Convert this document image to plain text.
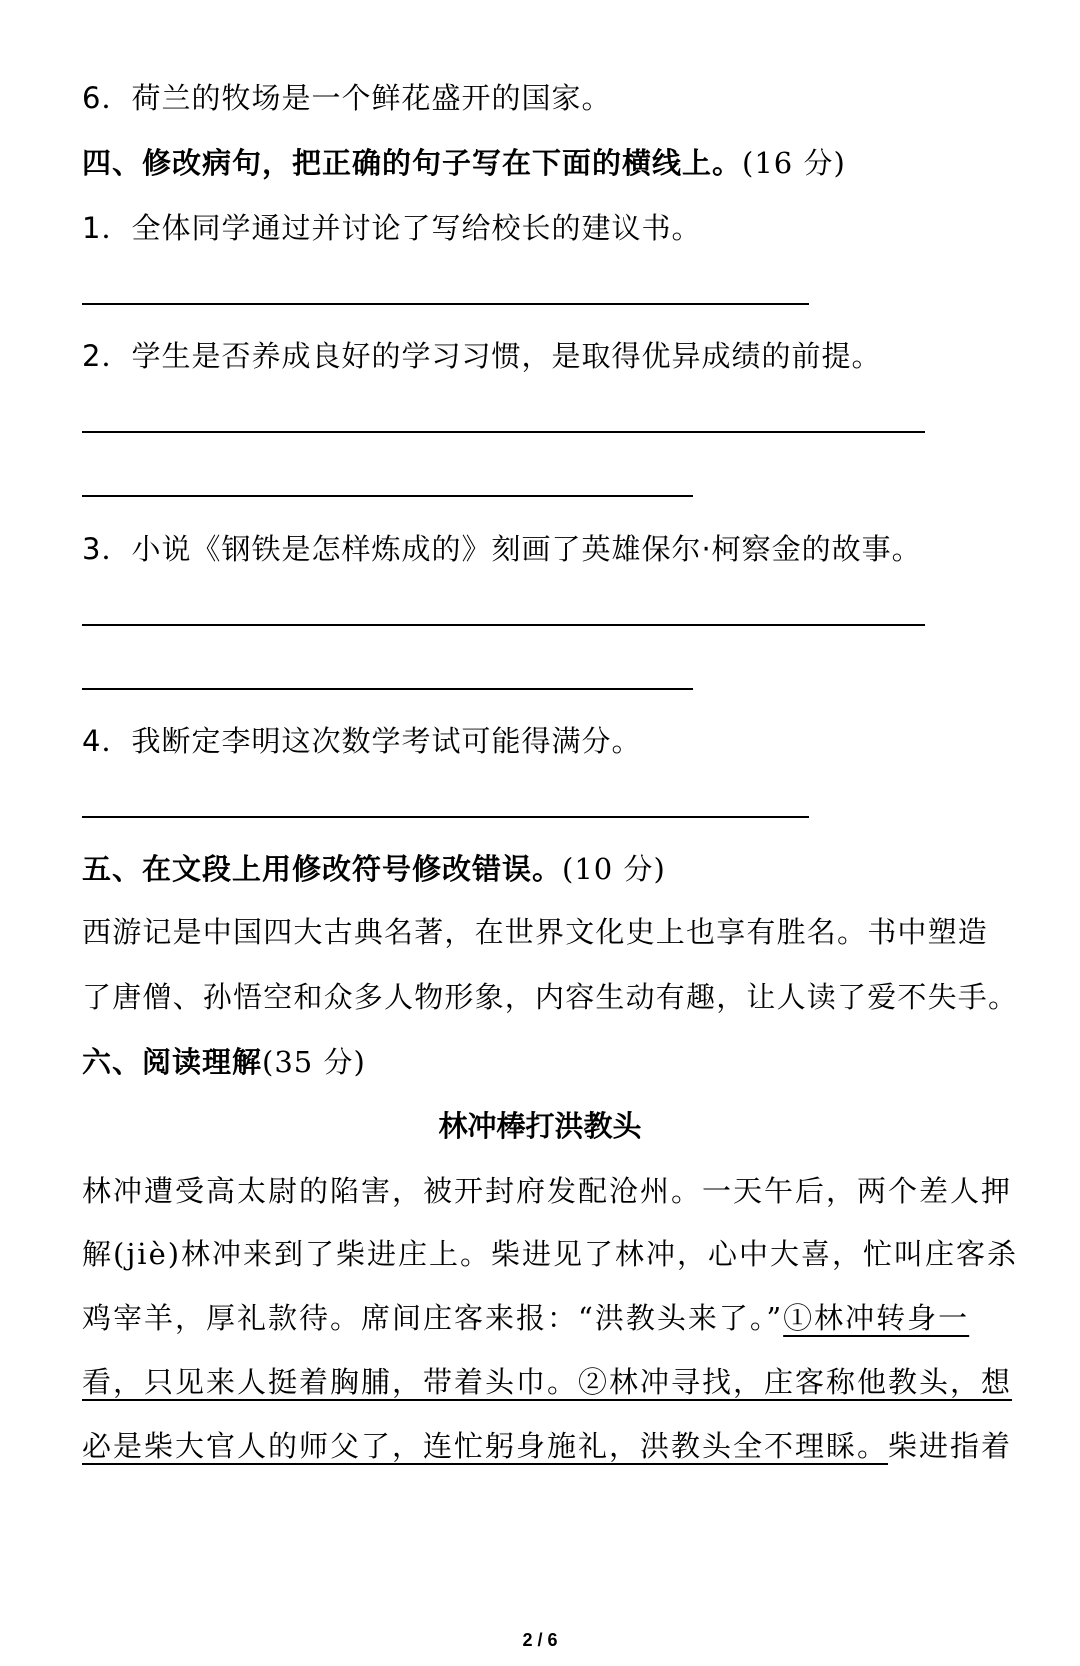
6．荷兰的牧场是一个鲜花盛开的国家。
四、修改病句，把正确的句子写在下面的横线上。(16 分)
1．全体同学通过并讨论了写给校长的建议书。
2．学生是否养成良好的学习习惯，是取得优异成绩的前提。
3．小说《钢铁是怎样炼成的》刻画了英雄保尔·柯察金的故事。
4．我断定李明这次数学考试可能得满分。
五、在文段上用修改符号修改错误。(10 分)
西游记是中国四大古典名著，在世界文化史上也享有胜名。书中塑造
了唐僧、孙悟空和众多人物形象，内容生动有趣，让人读了爱不失手。
六、阅读理解(35 分)
林冲棒打洪教头
林冲遭受高太尉的陷害，被开封府发配沧州。一天午后，两个差人押
解(jiè)林冲来到了柴进庄上。柴进见了林冲，心中大喜，忙叫庄客杀
鸡宰羊，厚礼款待。席间庄客来报：“洪教头来了。”①林冲转身一
看，只见来人挺着胸脯，带着头巾。②林冲寻找，庄客称他教头，想
必是柴大官人的师父了，连忙躬身施礼，洪教头全不理睬。柴进指着
2 / 6
